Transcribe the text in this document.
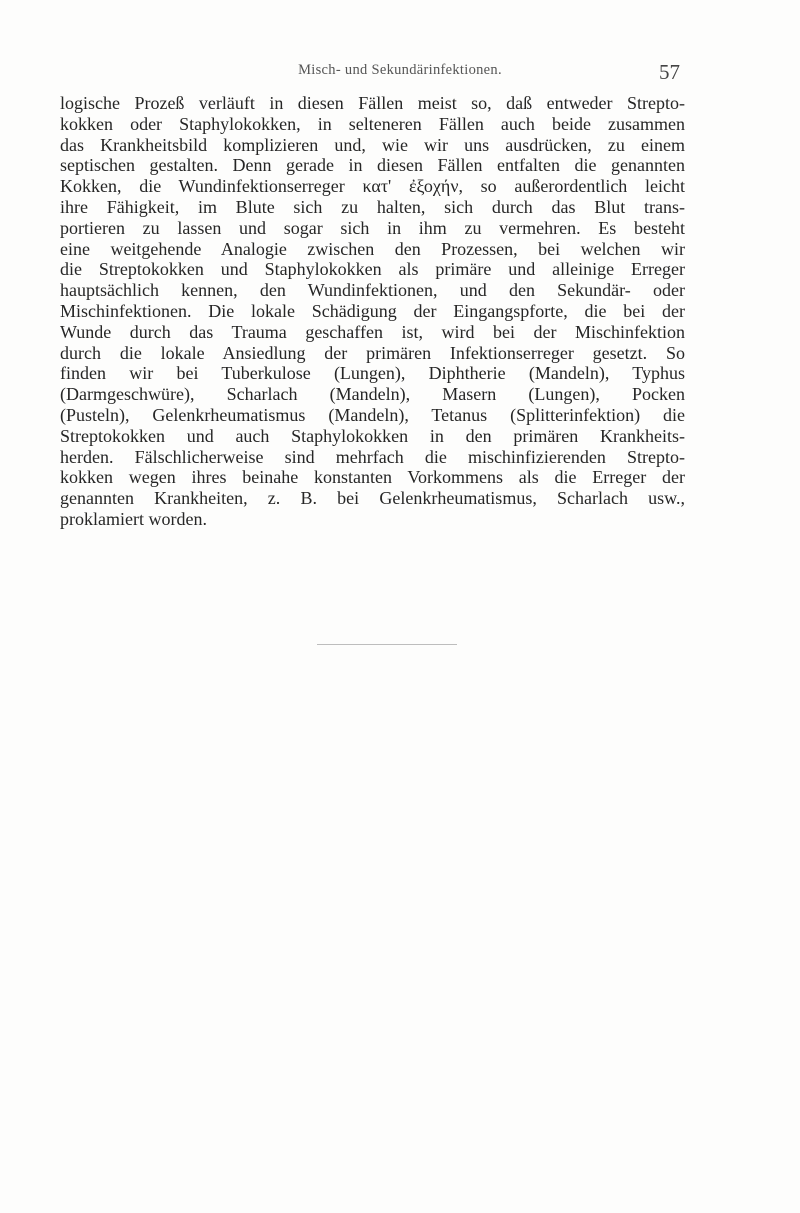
Misch- und Sekundärinfektionen.	57
logische Prozeß verläuft in diesen Fällen meist so, daß entweder Strepto-
kokken oder Staphylokokken, in selteneren Fällen auch beide zusammen
das Krankheitsbild komplizieren und, wie wir uns ausdrücken, zu einem
septischen gestalten. Denn gerade in diesen Fällen entfalten die genannten
Kokken, die Wundinfektionserreger κατ' ἐξοχήν, so außerordentlich leicht
ihre Fähigkeit, im Blute sich zu halten, sich durch das Blut trans-
portieren zu lassen und sogar sich in ihm zu vermehren. Es besteht
eine weitgehende Analogie zwischen den Prozessen, bei welchen wir
die Streptokokken und Staphylokokken als primäre und alleinige Erreger
hauptsächlich kennen, den Wundinfektionen, und den Sekundär- oder
Mischinfektionen. Die lokale Schädigung der Eingangspforte, die bei der
Wunde durch das Trauma geschaffen ist, wird bei der Mischinfektion
durch die lokale Ansiedlung der primären Infektionserreger gesetzt. So
finden wir bei Tuberkulose (Lungen), Diphtherie (Mandeln), Typhus
(Darmgeschwüre), Scharlach (Mandeln), Masern (Lungen), Pocken
(Pusteln), Gelenkrheumatismus (Mandeln), Tetanus (Splitterinfektion) die
Streptokokken und auch Staphylokokken in den primären Krankheits-
herden. Fälschlicherweise sind mehrfach die mischinfizierenden Strepto-
kokken wegen ihres beinahe konstanten Vorkommens als die Erreger der
genannten Krankheiten, z. B. bei Gelenkrheumatismus, Scharlach usw.,
proklamiert worden.
